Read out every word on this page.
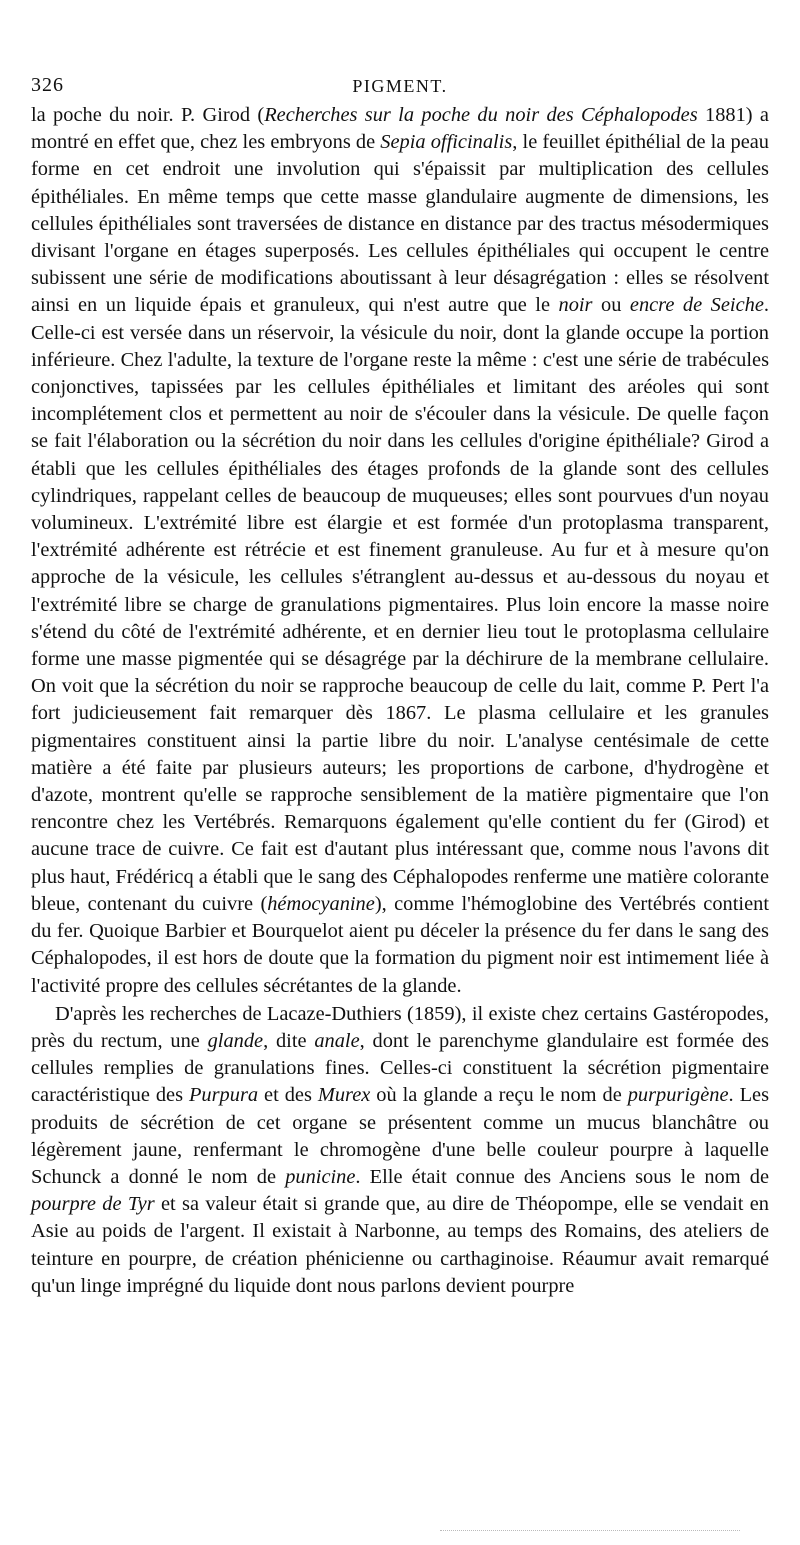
326	PIGMENT.

la poche du noir. P. Girod (Recherches sur la poche du noir des Céphalopodes 1881) a montré en effet que, chez les embryons de Sepia officinalis, le feuillet épithélial de la peau forme en cet endroit une involution qui s'épaissit par multiplication des cellules épithéliales. En même temps que cette masse glandulaire augmente de dimensions, les cellules épithéliales sont traversées de distance en distance par des tractus mésodermiques divisant l'organe en étages superposés. Les cellules épithéliales qui occupent le centre subissent une série de modifications aboutissant à leur désagrégation : elles se résolvent ainsi en un liquide épais et granuleux, qui n'est autre que le noir ou encre de Seiche. Celle-ci est versée dans un réservoir, la vésicule du noir, dont la glande occupe la portion inférieure. Chez l'adulte, la texture de l'organe reste la même : c'est une série de trabécules conjonctives, tapissées par les cellules épithéliales et limitant des aréoles qui sont incomplétement clos et permettent au noir de s'écouler dans la vésicule. De quelle façon se fait l'élaboration ou la sécrétion du noir dans les cellules d'origine épithéliale? Girod a établi que les cellules épithéliales des étages profonds de la glande sont des cellules cylindriques, rappelant celles de beaucoup de muqueuses; elles sont pourvues d'un noyau volumineux. L'extrémité libre est élargie et est formée d'un protoplasma transparent, l'extrémité adhérente est rétrécie et est finement granuleuse. Au fur et à mesure qu'on approche de la vésicule, les cellules s'étranglent au-dessus et au-dessous du noyau et l'extrémité libre se charge de granulations pigmentaires. Plus loin encore la masse noire s'étend du côté de l'extrémité adhérente, et en dernier lieu tout le protoplasma cellulaire forme une masse pigmentée qui se désagrége par la déchirure de la membrane cellulaire. On voit que la sécrétion du noir se rapproche beaucoup de celle du lait, comme P. Pert l'a fort judicieusement fait remarquer dès 1867. Le plasma cellulaire et les granules pigmentaires constituent ainsi la partie libre du noir. L'analyse centésimale de cette matière a été faite par plusieurs auteurs; les proportions de carbone, d'hydrogène et d'azote, montrent qu'elle se rapproche sensiblement de la matière pigmentaire que l'on rencontre chez les Vertébrés. Remarquons également qu'elle contient du fer (Girod) et aucune trace de cuivre. Ce fait est d'autant plus intéressant que, comme nous l'avons dit plus haut, Frédéricq a établi que le sang des Céphalopodes renferme une matière colorante bleue, contenant du cuivre (hémocyanine), comme l'hémoglobine des Vertébrés contient du fer. Quoique Barbier et Bourquelot aient pu déceler la présence du fer dans le sang des Céphalopodes, il est hors de doute que la formation du pigment noir est intimement liée à l'activité propre des cellules sécrétantes de la glande.

D'après les recherches de Lacaze-Duthiers (1859), il existe chez certains Gastéropodes, près du rectum, une glande, dite anale, dont le parenchyme glandulaire est formée des cellules remplies de granulations fines. Celles-ci constituent la sécrétion pigmentaire caractéristique des Purpura et des Murex où la glande a reçu le nom de purpurigène. Les produits de sécrétion de cet organe se présentent comme un mucus blanchâtre ou légèrement jaune, renfermant le chromogène d'une belle couleur pourpre à laquelle Schunck a donné le nom de punicine. Elle était connue des Anciens sous le nom de pourpre de Tyr et sa valeur était si grande que, au dire de Théopompe, elle se vendait en Asie au poids de l'argent. Il existait à Narbonne, au temps des Romains, des ateliers de teinture en pourpre, de création phénicienne ou carthaginoise. Réaumur avait remarqué qu'un linge imprégné du liquide dont nous parlons devient pourpre
